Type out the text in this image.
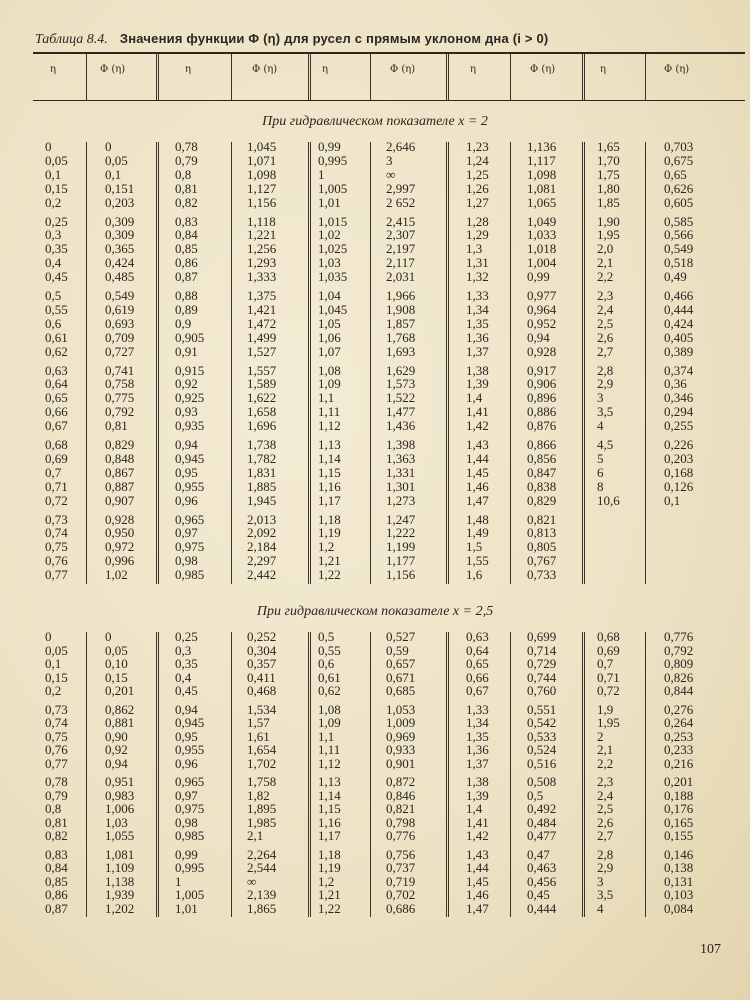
Таблица 8.4. Значения функции Φ (η) для русел с прямым уклоном дна (i > 0)
η	Φ (η)	η	Φ (η)	η	Φ (η)	η	Φ (η)	η	Φ (η)
При гидравлическом показателе x = 2
0	0	0,78	1,045	0,99	2,646	1,23	1,136	1,65	0,703
0,05	0,05	0,79	1,071	0,995	3	1,24	1,117	1,70	0,675
0,1	0,1	0,8	1,098	1	∞	1,25	1,098	1,75	0,65
0,15	0,151	0,81	1,127	1,005	2,997	1,26	1,081	1,80	0,626
0,2	0,203	0,82	1,156	1,01	2 652	1,27	1,065	1,85	0,605
0,25	0,309	0,83	1,118	1,015	2,415	1,28	1,049	1,90	0,585
0,3	0,309	0,84	1,221	1,02	2,307	1,29	1,033	1,95	0,566
0,35	0,365	0,85	1,256	1,025	2,197	1,3	1,018	2,0	0,549
0,4	0,424	0,86	1,293	1,03	2,117	1,31	1,004	2,1	0,518
0,45	0,485	0,87	1,333	1,035	2,031	1,32	0,99	2,2	0,49
0,5	0,549	0,88	1,375	1,04	1,966	1,33	0,977	2,3	0,466
0,55	0,619	0,89	1,421	1,045	1,908	1,34	0,964	2,4	0,444
0,6	0,693	0,9	1,472	1,05	1,857	1,35	0,952	2,5	0,424
0,61	0,709	0,905	1,499	1,06	1,768	1,36	0,94	2,6	0,405
0,62	0,727	0,91	1,527	1,07	1,693	1,37	0,928	2,7	0,389
0,63	0,741	0,915	1,557	1,08	1,629	1,38	0,917	2,8	0,374
0,64	0,758	0,92	1,589	1,09	1,573	1,39	0,906	2,9	0,36
0,65	0,775	0,925	1,622	1,1	1,522	1,4	0,896	3	0,346
0,66	0,792	0,93	1,658	1,11	1,477	1,41	0,886	3,5	0,294
0,67	0,81	0,935	1,696	1,12	1,436	1,42	0,876	4	0,255
0,68	0,829	0,94	1,738	1,13	1,398	1,43	0,866	4,5	0,226
0,69	0,848	0,945	1,782	1,14	1,363	1,44	0,856	5	0,203
0,7	0,867	0,95	1,831	1,15	1,331	1,45	0,847	6	0,168
0,71	0,887	0,955	1,885	1,16	1,301	1,46	0,838	8	0,126
0,72	0,907	0,96	1,945	1,17	1,273	1,47	0,829	10,6	0,1
0,73	0,928	0,965	2,013	1,18	1,247	1,48	0,821
0,74	0,950	0,97	2,092	1,19	1,222	1,49	0,813
0,75	0,972	0,975	2,184	1,2	1,199	1,5	0,805
0,76	0,996	0,98	2,297	1,21	1,177	1,55	0,767
0,77	1,02	0,985	2,442	1,22	1,156	1,6	0,733
При гидравлическом показателе x = 2,5
0	0	0,25	0,252	0,5	0,527	0,63	0,699	0,68	0,776
0,05	0,05	0,3	0,304	0,55	0,59	0,64	0,714	0,69	0,792
0,1	0,10	0,35	0,357	0,6	0,657	0,65	0,729	0,7	0,809
0,15	0,15	0,4	0,411	0,61	0,671	0,66	0,744	0,71	0,826
0,2	0,201	0,45	0,468	0,62	0,685	0,67	0,760	0,72	0,844
0,73	0,862	0,94	1,534	1,08	1,053	1,33	0,551	1,9	0,276
0,74	0,881	0,945	1,57	1,09	1,009	1,34	0,542	1,95	0,264
0,75	0,90	0,95	1,61	1,1	0,969	1,35	0,533	2	0,253
0,76	0,92	0,955	1,654	1,11	0,933	1,36	0,524	2,1	0,233
0,77	0,94	0,96	1,702	1,12	0,901	1,37	0,516	2,2	0,216
0,78	0,951	0,965	1,758	1,13	0,872	1,38	0,508	2,3	0,201
0,79	0,983	0,97	1,82	1,14	0,846	1,39	0,5	2,4	0,188
0,8	1,006	0,975	1,895	1,15	0,821	1,4	0,492	2,5	0,176
0,81	1,03	0,98	1,985	1,16	0,798	1,41	0,484	2,6	0,165
0,82	1,055	0,985	2,1	1,17	0,776	1,42	0,477	2,7	0,155
0,83	1,081	0,99	2,264	1,18	0,756	1,43	0,47	2,8	0,146
0,84	1,109	0,995	2,544	1,19	0,737	1,44	0,463	2,9	0,138
0,85	1,138	1	∞	1,2	0,719	1,45	0,456	3	0,131
0,86	1,939	1,005	2,139	1,21	0,702	1,46	0,45	3,5	0,103
0,87	1,202	1,01	1,865	1,22	0,686	1,47	0,444	4	0,084
107
